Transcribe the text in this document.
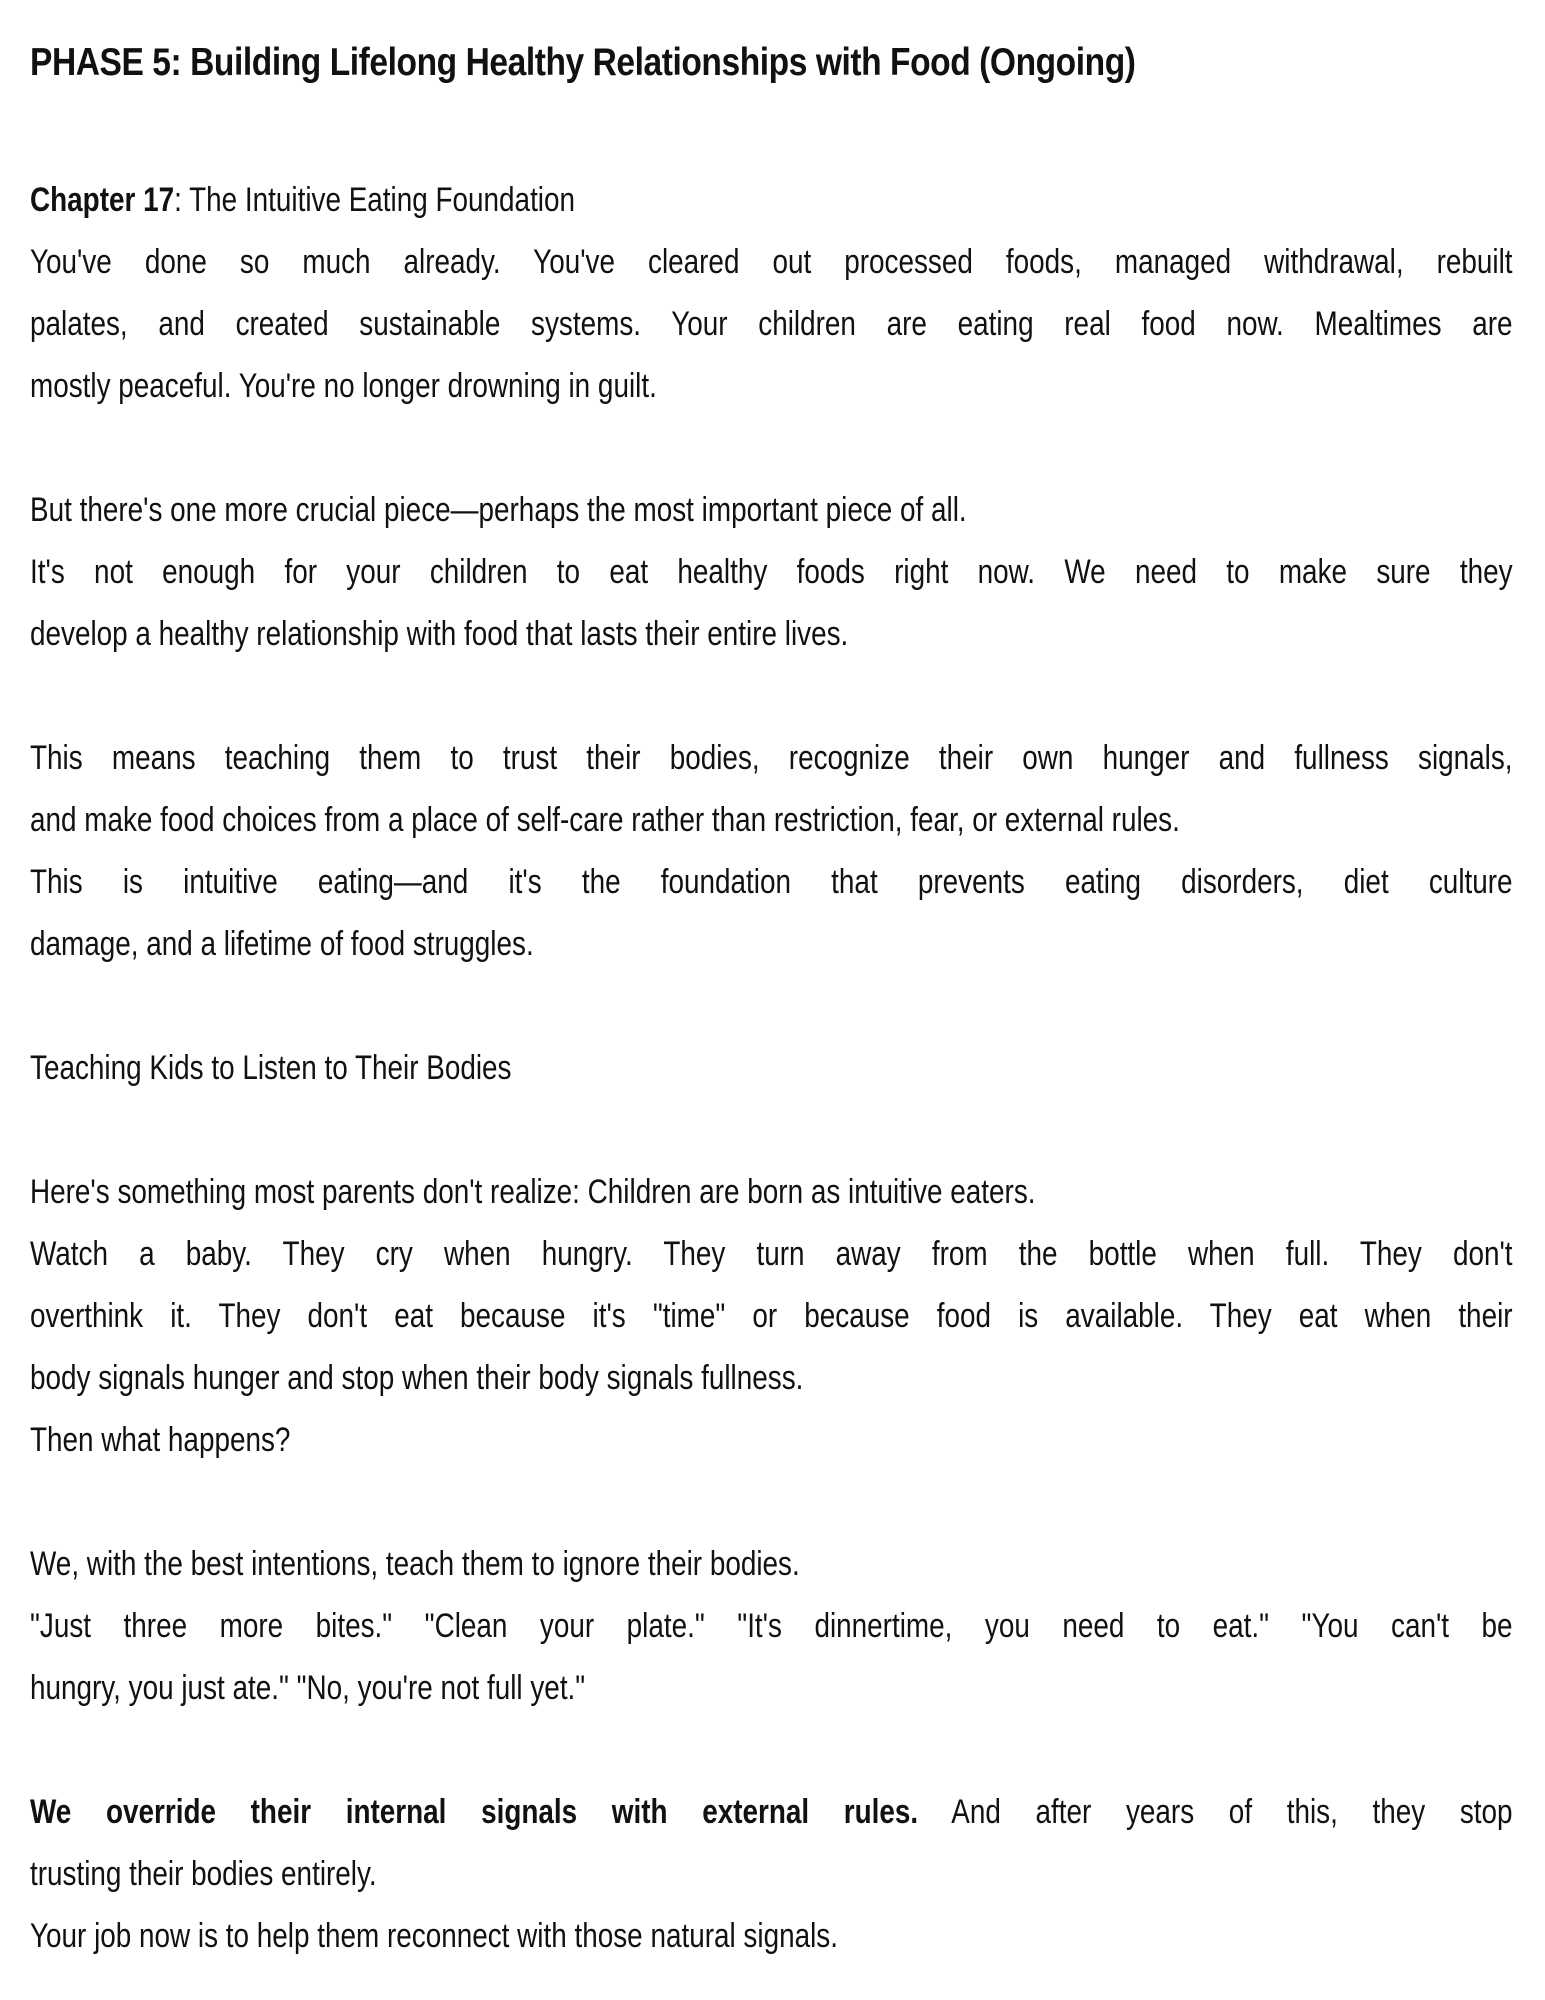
PHASE 5: Building Lifelong Healthy Relationships with Food (Ongoing)
Chapter 17: The Intuitive Eating Foundation
You've done so much already. You've cleared out processed foods, managed withdrawal, rebuilt
palates, and created sustainable systems. Your children are eating real food now. Mealtimes are
mostly peaceful. You're no longer drowning in guilt.
But there's one more crucial piece—perhaps the most important piece of all.
It's not enough for your children to eat healthy foods right now. We need to make sure they
develop a healthy relationship with food that lasts their entire lives.
This means teaching them to trust their bodies, recognize their own hunger and fullness signals,
and make food choices from a place of self-care rather than restriction, fear, or external rules.
This is intuitive eating—and it's the foundation that prevents eating disorders, diet culture
damage, and a lifetime of food struggles.
Teaching Kids to Listen to Their Bodies
Here's something most parents don't realize: Children are born as intuitive eaters.
Watch a baby. They cry when hungry. They turn away from the bottle when full. They don't
overthink it. They don't eat because it's "time" or because food is available. They eat when their
body signals hunger and stop when their body signals fullness.
Then what happens?
We, with the best intentions, teach them to ignore their bodies.
"Just three more bites." "Clean your plate." "It's dinnertime, you need to eat." "You can't be
hungry, you just ate." "No, you're not full yet."
We override their internal signals with external rules. And after years of this, they stop
trusting their bodies entirely.
Your job now is to help them reconnect with those natural signals.
